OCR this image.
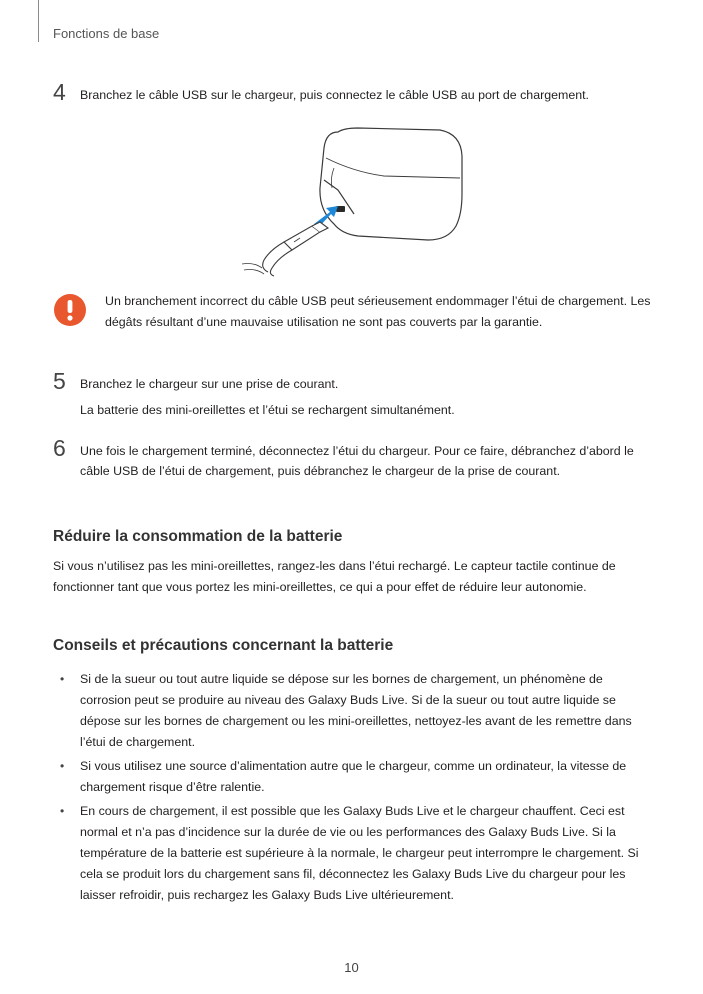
Fonctions de base
4 Branchez le câble USB sur le chargeur, puis connectez le câble USB au port de chargement.

Un branchement incorrect du câble USB peut sérieusement endommager l’étui de chargement. Les dégâts résultant d’une mauvaise utilisation ne sont pas couverts par la garantie.
5 Branchez le chargeur sur une prise de courant.

La batterie des mini-oreillettes et l’étui se rechargent simultanément.

6 Une fois le chargement terminé, déconnectez l’étui du chargeur. Pour ce faire, débranchez d’abord le câble USB de l’étui de chargement, puis débranchez le chargeur de la prise de courant.

Réduire la consommation de la batterie

Si vous n’utilisez pas les mini-oreillettes, rangez-les dans l’étui rechargé. Le capteur tactile continue de fonctionner tant que vous portez les mini-oreillettes, ce qui a pour effet de réduire leur autonomie.

Conseils et précautions concernant la batterie
• Si de la sueur ou tout autre liquide se dépose sur les bornes de chargement, un phénomène de corrosion peut se produire au niveau des Galaxy Buds Live. Si de la sueur ou tout autre liquide se dépose sur les bornes de chargement ou les mini-oreillettes, nettoyez-les avant de les remettre dans l’étui de chargement.
• Si vous utilisez une source d’alimentation autre que le chargeur, comme un ordinateur, la vitesse de chargement risque d’être ralentie.
• En cours de chargement, il est possible que les Galaxy Buds Live et le chargeur chauffent. Ceci est normal et n’a pas d’incidence sur la durée de vie ou les performances des Galaxy Buds Live. Si la température de la batterie est supérieure à la normale, le chargeur peut interrompre le chargement. Si cela se produit lors du chargement sans fil, déconnectez les Galaxy Buds Live du chargeur pour les laisser refroidir, puis rechargez les Galaxy Buds Live ultérieurement.
10
